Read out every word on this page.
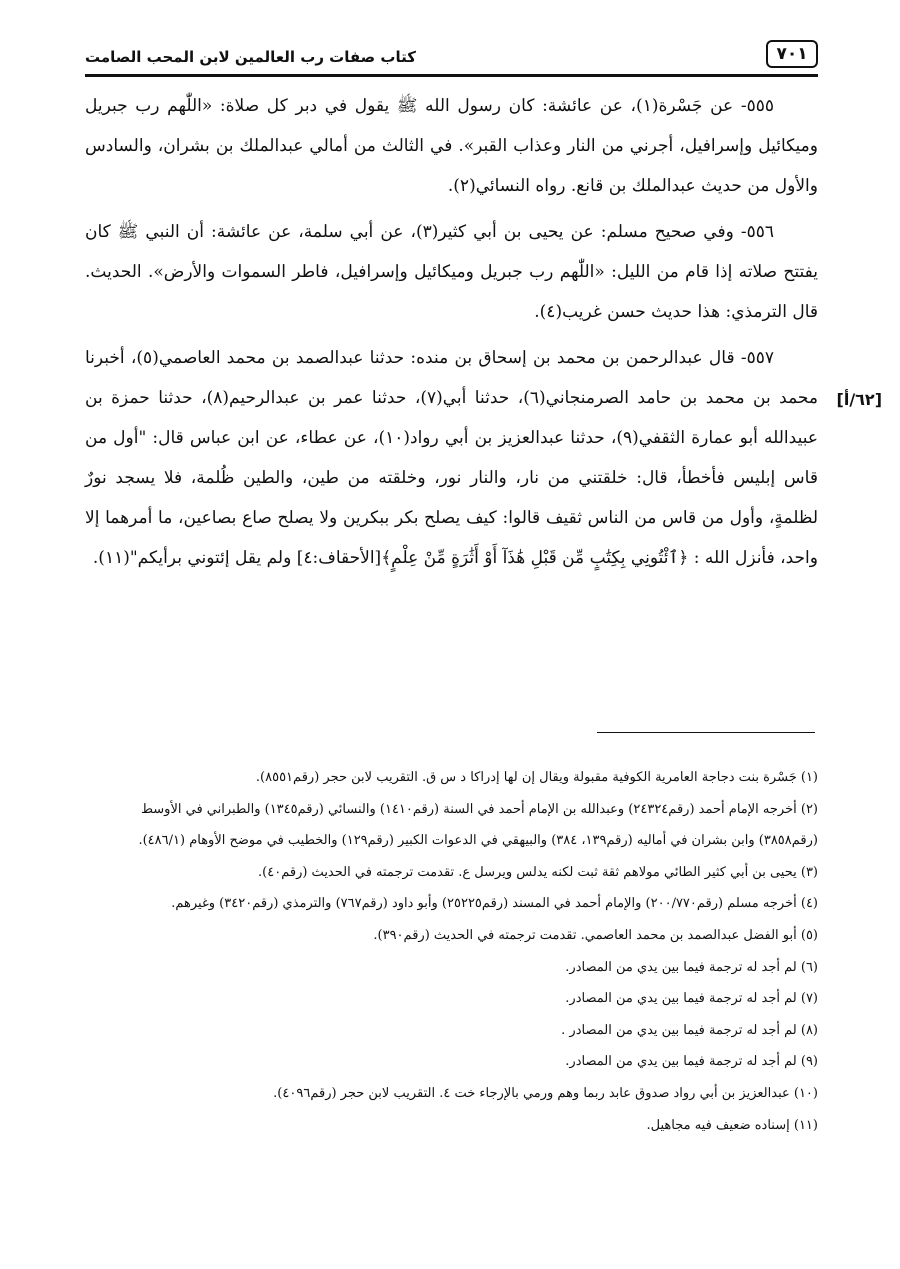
٧٠١
كتاب صفات رب العالمين لابن المحب الصامت
[٦٢/أ]

٥٥٥- عن جَسْرة(١)، عن عائشة: كان رسول الله ﷺ يقول في دبر كل صلاة: «اللّٰهم رب جبريل وميكائيل وإسرافيل، أجرني من النار وعذاب القبر». في الثالث من أمالي عبدالملك بن بشران، والسادس والأول من حديث عبدالملك بن قانع. رواه النسائي(٢).

٥٥٦- وفي صحيح مسلم: عن يحيى بن أبي كثير(٣)، عن أبي سلمة، عن عائشة: أن النبي ﷺ كان يفتتح صلاته إذا قام من الليل: «اللّٰهم رب جبريل وميكائيل وإسرافيل، فاطر السموات والأرض». الحديث. قال الترمذي: هذا حديث حسن غريب(٤).

٥٥٧- قال عبدالرحمن بن محمد بن إسحاق بن منده: حدثنا عبدالصمد بن محمد العاصمي(٥)، أخبرنا محمد بن محمد بن حامد الصرمنجاني(٦)، حدثنا أبي(٧)، حدثنا عمر بن عبدالرحيم(٨)، حدثنا حمزة بن عبيدالله أبو عمارة الثقفي(٩)، حدثنا عبدالعزيز بن أبي رواد(١٠)، عن عطاء، عن ابن عباس قال: "أول من قاس إبليس فأخطأ، قال: خلقتني من نار، والنار نور، وخلقته من طين، والطين ظُلمة، فلا يسجد نورٌ لظلمةٍ، وأول من قاس من الناس ثقيف قالوا: كيف يصلح بكر ببكرين ولا يصلح صاع بصاعين، ما أمرهما إلا واحد، فأنزل الله : ﴿ٱئْتُونِي بِكِتَٰبٍ مِّن قَبْلِ هَٰذَآ أَوْ أَثَٰرَةٍ مِّنْ عِلْمٍ﴾[الأحقاف:٤] ولم يقل إئتوني برأيكم"(١١).

(١) جَسْرة بنت دجاجة العامرية الكوفية مقبولة ويقال إن لها إدراكا د س ق. التقريب لابن حجر (رقم٨٥٥١).

(٢) أخرجه الإمام أحمد (رقم٢٤٣٢٤) وعبدالله بن الإمام أحمد في السنة (رقم١٤١٠) والنسائي (رقم١٣٤٥) والطبراني في الأوسط

(رقم٣٨٥٨) وابن بشران في أماليه (رقم١٣٩، ٣٨٤) والبيهقي في الدعوات الكبير (رقم١٢٩) والخطيب في موضح الأوهام (٤٨٦/١).

(٣) يحيى بن أبي كثير الطائي مولاهم ثقة ثبت لكنه يدلس ويرسل ع. تقدمت ترجمته في الحديث (رقم٤٠).

(٤) أخرجه مسلم (رقم٢٠٠/٧٧٠) والإمام أحمد في المسند (رقم٢٥٢٢٥) وأبو داود (رقم٧٦٧) والترمذي (رقم٣٤٢٠) وغيرهم.

(٥) أبو الفضل عبدالصمد بن محمد العاصمي. تقدمت ترجمته في الحديث (رقم٣٩٠).

(٦) لم أجد له ترجمة فيما بين يدي من المصادر.

(٧) لم أجد له ترجمة فيما بين يدي من المصادر.

(٨) لم أجد له ترجمة فيما بين يدي من المصادر .

(٩) لم أجد له ترجمة فيما بين يدي من المصادر.

(١٠) عبدالعزيز بن أبي رواد صدوق عابد ربما وهم ورمي بالإرجاء خت ٤. التقريب لابن حجر (رقم٤٠٩٦).

(١١) إسناده ضعيف فيه مجاهيل.
